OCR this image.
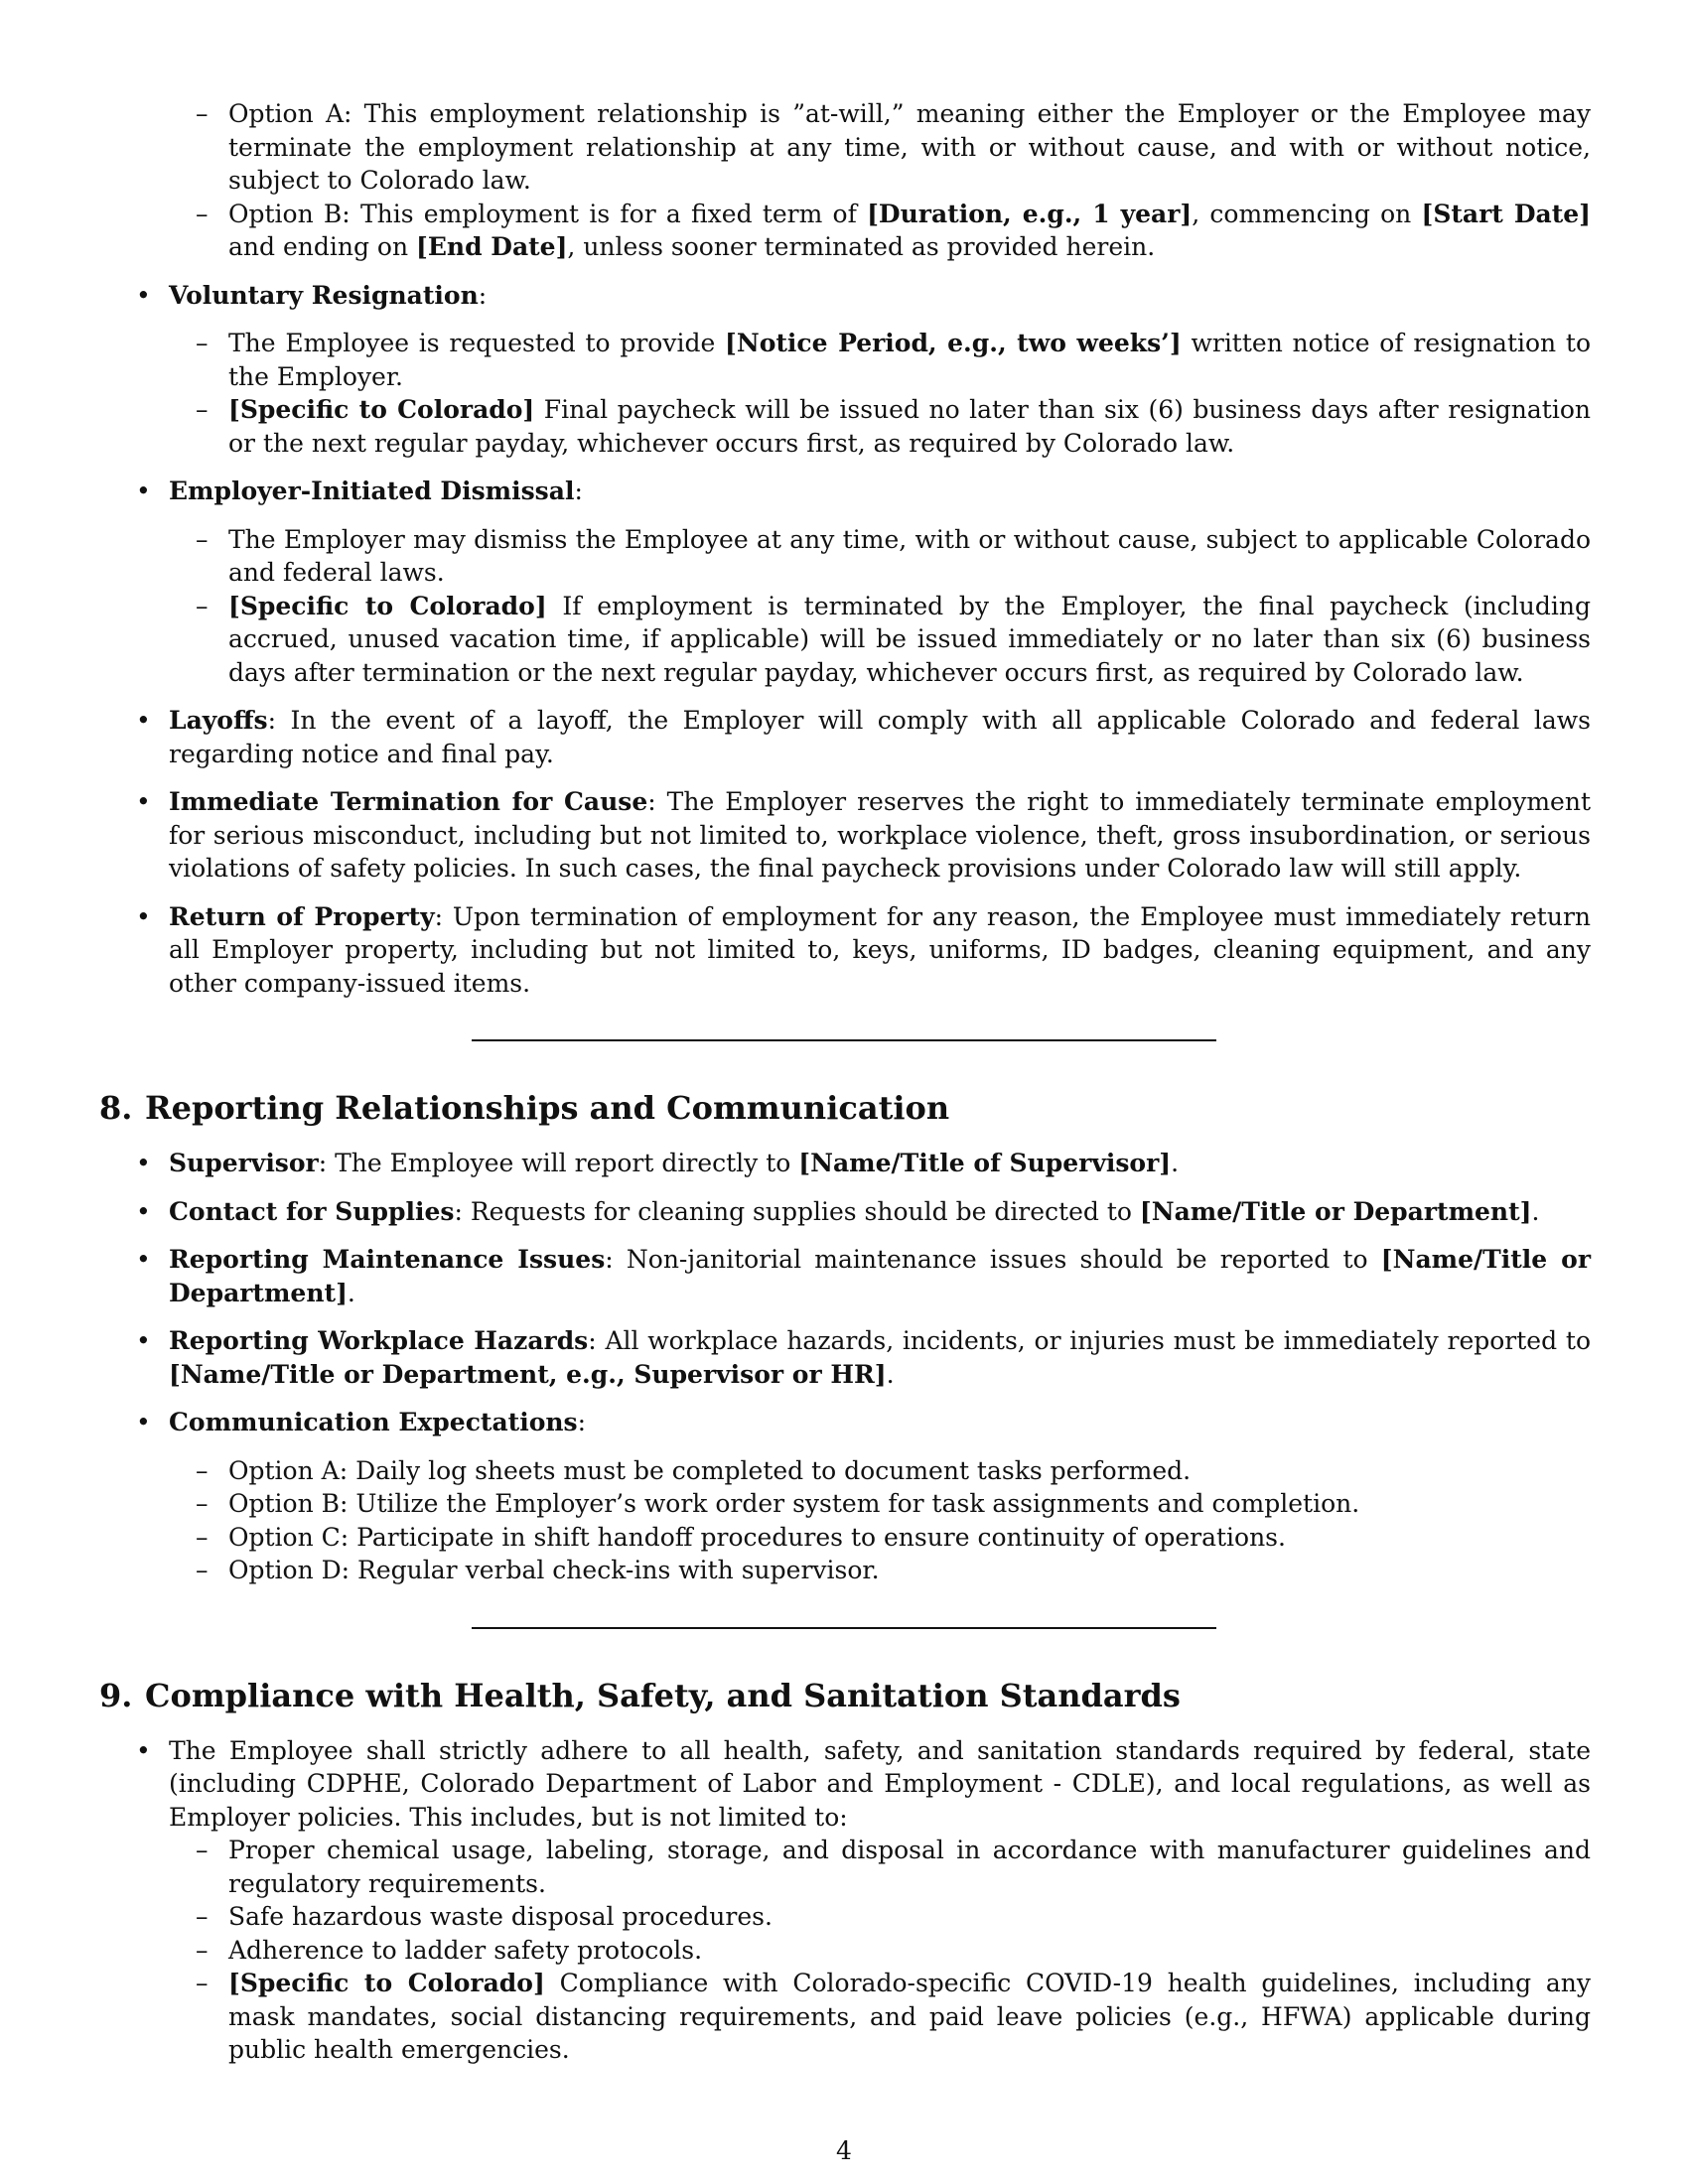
– Option A: This employment relationship is ”at-will,” meaning either the Employer or the Employee may terminate the employment relationship at any time, with or without cause, and with or without notice, subject to Colorado law.
– Option B: This employment is for a fixed term of [Duration, e.g., 1 year], commencing on [Start Date] and ending on [End Date], unless sooner terminated as provided herein.
• Voluntary Resignation:
– The Employee is requested to provide [Notice Period, e.g., two weeks’] written notice of resignation to the Employer.
– [Specific to Colorado] Final paycheck will be issued no later than six (6) business days after resignation or the next regular payday, whichever occurs first, as required by Colorado law.
• Employer-Initiated Dismissal:
– The Employer may dismiss the Employee at any time, with or without cause, subject to applicable Colorado and federal laws.
– [Specific to Colorado] If employment is terminated by the Employer, the final paycheck (including accrued, unused vacation time, if applicable) will be issued immediately or no later than six (6) business days after termination or the next regular payday, whichever occurs first, as required by Colorado law.
• Layoffs: In the event of a layoff, the Employer will comply with all applicable Colorado and federal laws regarding notice and final pay.
• Immediate Termination for Cause: The Employer reserves the right to immediately terminate employment for serious misconduct, including but not limited to, workplace violence, theft, gross insubordination, or serious violations of safety policies. In such cases, the final paycheck provisions under Colorado law will still apply.
• Return of Property: Upon termination of employment for any reason, the Employee must immediately return all Employer property, including but not limited to, keys, uniforms, ID badges, cleaning equipment, and any other company-issued items.
8. Reporting Relationships and Communication
• Supervisor: The Employee will report directly to [Name/Title of Supervisor].
• Contact for Supplies: Requests for cleaning supplies should be directed to [Name/Title or Department].
• Reporting Maintenance Issues: Non-janitorial maintenance issues should be reported to [Name/Title or Department].
• Reporting Workplace Hazards: All workplace hazards, incidents, or injuries must be immediately reported to [Name/Title or Department, e.g., Supervisor or HR].
• Communication Expectations:
– Option A: Daily log sheets must be completed to document tasks performed.
– Option B: Utilize the Employer’s work order system for task assignments and completion.
– Option C: Participate in shift handoff procedures to ensure continuity of operations.
– Option D: Regular verbal check-ins with supervisor.
9. Compliance with Health, Safety, and Sanitation Standards
• The Employee shall strictly adhere to all health, safety, and sanitation standards required by federal, state (including CDPHE, Colorado Department of Labor and Employment - CDLE), and local regulations, as well as Employer policies. This includes, but is not limited to:
– Proper chemical usage, labeling, storage, and disposal in accordance with manufacturer guidelines and regulatory requirements.
– Safe hazardous waste disposal procedures.
– Adherence to ladder safety protocols.
– [Specific to Colorado] Compliance with Colorado-specific COVID-19 health guidelines, including any mask mandates, social distancing requirements, and paid leave policies (e.g., HFWA) applicable during public health emergencies.
4
